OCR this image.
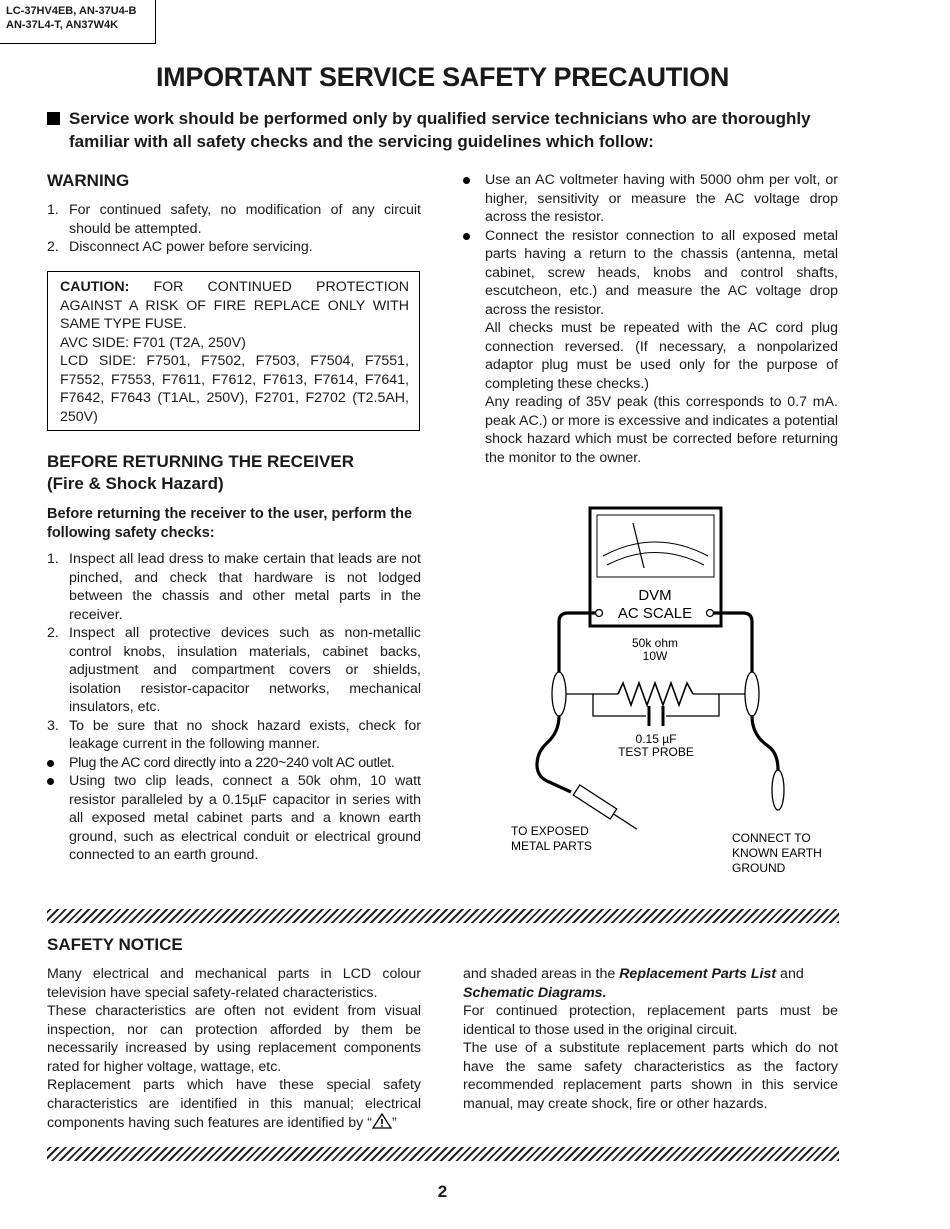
LC-37HV4EB, AN-37U4-B
AN-37L4-T, AN37W4K
IMPORTANT SERVICE SAFETY PRECAUTION
Service work should be performed only by qualified service technicians who are thoroughly familiar with all safety checks and the servicing guidelines which follow:
WARNING
1. For continued safety, no modification of any circuit should be attempted.
2. Disconnect AC power before servicing.
CAUTION: FOR CONTINUED PROTECTION AGAINST A RISK OF FIRE REPLACE ONLY WITH SAME TYPE FUSE.
AVC SIDE: F701 (T2A, 250V)
LCD SIDE: F7501, F7502, F7503, F7504, F7551, F7552, F7553, F7611, F7612, F7613, F7614, F7641, F7642, F7643 (T1AL, 250V), F2701, F2702 (T2.5AH, 250V)
BEFORE RETURNING THE RECEIVER
(Fire & Shock Hazard)
Before returning the receiver to the user, perform the following safety checks:
1. Inspect all lead dress to make certain that leads are not pinched, and check that hardware is not lodged between the chassis and other metal parts in the receiver.
2. Inspect all protective devices such as non-metallic control knobs, insulation materials, cabinet backs, adjustment and compartment covers or shields, isolation resistor-capacitor networks, mechanical insulators, etc.
3. To be sure that no shock hazard exists, check for leakage current in the following manner.
Plug the AC cord directly into a 220~240 volt AC outlet.
Using two clip leads, connect a 50k ohm, 10 watt resistor paralleled by a 0.15µF capacitor in series with all exposed metal cabinet parts and a known earth ground, such as electrical conduit or electrical ground connected to an earth ground.
Use an AC voltmeter having with 5000 ohm per volt, or higher, sensitivity or measure the AC voltage drop across the resistor.
Connect the resistor connection to all exposed metal parts having a return to the chassis (antenna, metal cabinet, screw heads, knobs and control shafts, escutcheon, etc.) and measure the AC voltage drop across the resistor.
All checks must be repeated with the AC cord plug connection reversed. (If necessary, a nonpolarized adaptor plug must be used only for the purpose of completing these checks.)
Any reading of 35V peak (this corresponds to 0.7 mA. peak AC.) or more is excessive and indicates a potential shock hazard which must be corrected before returning the monitor to the owner.
DVM
AC SCALE
50k ohm
10W
0.15 µF
TEST PROBE
TO EXPOSED
METAL PARTS
CONNECT TO
KNOWN EARTH
GROUND
SAFETY NOTICE
Many electrical and mechanical parts in LCD colour television have special safety-related characteristics.
These characteristics are often not evident from visual inspection, nor can protection afforded by them be necessarily increased by using replacement components rated for higher voltage, wattage, etc.
Replacement parts which have these special safety characteristics are identified in this manual; electrical components having such features are identified by “ ”
and shaded areas in the Replacement Parts List and Schematic Diagrams.
For continued protection, replacement parts must be identical to those used in the original circuit.
The use of a substitute replacement parts which do not have the same safety characteristics as the factory recommended replacement parts shown in this service manual, may create shock, fire or other hazards.
2
